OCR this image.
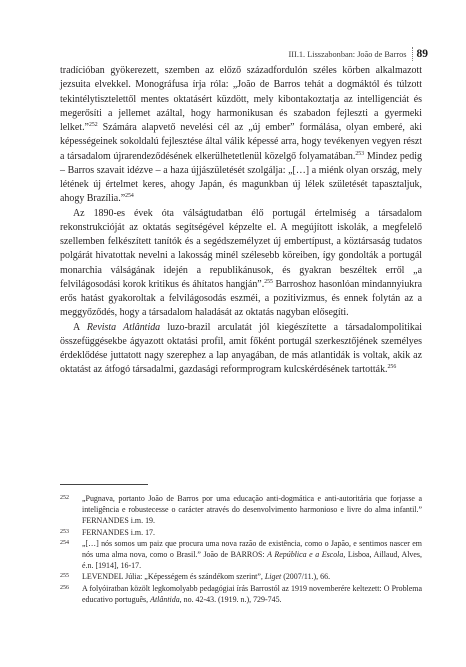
III.1. Lisszabonban: João de Barros 89

tradícióban gyökerezett, szemben az előző századfordulón széles körben alkalmazott jezsuita elvekkel. Monográfusa írja róla: „João de Barros tehát a dogmáktól és túlzott tekintélytisztelettől mentes oktatásért küzdött, mely kibontakoztatja az intelligenciát és megerősíti a jellemet azáltal, hogy harmonikusan és szabadon fejleszti a gyermeki lelket.”$^{252}$ Számára alapvető nevelési cél az „új ember” formálása, olyan emberé, aki képességeinek sokoldalú fejlesztése által válik képessé arra, hogy tevékenyen vegyen részt a társadalom újrarendeződésének elkerülhetetlenül közelgő folyamatában.$^{253}$ Mindez pedig – Barros szavait idézve – a haza újjászületését szolgálja: „[…] a miénk olyan ország, mely létének új értelmet keres, ahogy Japán, és magunkban új lélek születését tapasztaljuk, ahogy Brazília.”$^{254}$

Az 1890-es évek óta válságtudatban élő portugál értelmiség a társadalom rekonstrukcióját az oktatás segítségével képzelte el. A megújított iskolák, a megfelelő szellemben felkészített tanítók és a segédszemélyzet új embertípust, a köztársaság tudatos polgárát hivatottak nevelni a lakosság minél szélesebb köreiben, így gondolták a portugál monarchia válságának idején a republikánusok, és gyakran beszéltek erről „a felvilágosodási korok kritikus és áhítatos hangján”.$^{255}$ Barroshoz hasonlóan mindannyiukra erős hatást gyakoroltak a felvilágosodás eszméi, a pozitivizmus, és ennek folytán az a meggyőződés, hogy a társadalom haladását az oktatás nagyban elősegíti.

A Revista Atlântida luzo-brazil arculatát jól kiegészítette a társadalompolitikai összefüggésekbe ágyazott oktatási profil, amit főként portugál szerkesztőjének személyes érdeklődése juttatott nagy szerephez a lap anyagában, de más atlantidák is voltak, akik az oktatást az átfogó társadalmi, gazdasági reformprogram kulcskérdésének tartották.$^{256}$

252	„Pugnava, portanto João de Barros por uma educação anti-dogmática e anti-autoritária que forjasse a inteligência e robustecesse o carácter através do desenvolvimento harmonioso e livre do alma infantil.” FERNANDES i.m. 19.
253	FERNANDES i.m. 17.
254	„[…] nós somos um paiz que procura uma nova razão de existência, como o Japão, e sentimos nascer em nós uma alma nova, como o Brasil.” João de BARROS: A República e a Escola, Lisboa, Aillaud, Alves, é.n. [1914], 16-17.
255	LEVENDEL Júlia: „Képességem és szándékom szerint”, Liget (2007/11.), 66.
256	A folyóiratban közölt legkomolyabb pedagógiai írás Barrostól az 1919 novemberére keltezett: O Problema educativo português, Atlântida, no. 42-43. (1919. n.), 729-745.
